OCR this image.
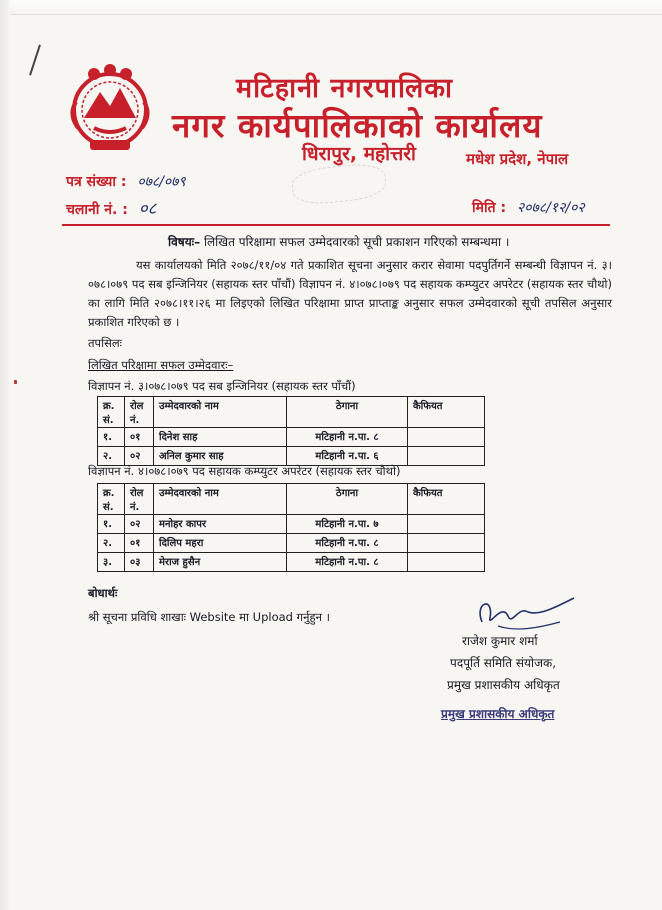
मटिहानी नगरपालिका
नगर कार्यपालिकाको कार्यालय
धिरापुर, महोत्तरी	मधेश प्रदेश, नेपाल
पत्र संख्या : ०७८/०७९
चलानी नं. : ०८	मिति : २०७८/१२/०२
विषयः– लिखित परिक्षामा सफल उम्मेदवारको सूची प्रकाशन गरिएको सम्बन्धमा ।
यस कार्यालयको मिति २०७८/११/०४ गते प्रकाशित सूचना अनुसार करार सेवामा पदपुर्तिगर्ने सम्बन्धी विज्ञापन नं. ३।०७८।०७९ पद सब इन्जिनियर (सहायक स्तर पाँचौं) विज्ञापन नं. ४।०७८।०७९ पद सहायक कम्प्युटर अपरेटर (सहायक स्तर चौथो) का लागि मिति २०७८।११।२६ मा लिइएको लिखित परिक्षामा प्राप्त प्राप्ताङ्क अनुसार सफल उम्मेदवारको सूची तपसिल अनुसार प्रकाशित गरिएको छ ।
तपसिलः
लिखित परिक्षामा सफल उम्मेदवारः–
विज्ञापन नं. ३।०७८।०७९ पद सब इन्जिनियर (सहायक स्तर पाँचौं)
क्र. सं.	रोल नं.	उम्मेदवारको नाम	ठेगाना	कैफियत
१.	०१	दिनेश साह	मटिहानी न.पा. ८	
२.	०२	अनिल कुमार साह	मटिहानी न.पा. ६	
विज्ञापन नं. ४।०७८।०७९ पद सहायक कम्प्युटर अपरेटर (सहायक स्तर चौथो)
क्र. सं.	रोल नं.	उम्मेदवारको नाम	ठेगाना	कैफियत
१.	०२	मनोहर कापर	मटिहानी न.पा. ७	
२.	०१	दिलिप महरा	मटिहानी न.पा. ८	
३.	०३	मेराज हुसैन	मटिहानी न.पा. ८	
बोधार्थः
श्री सूचना प्रविधि शाखाः Website मा Upload गर्नुहुन ।
राजेश कुमार शर्मा
पदपूर्ति समिति संयोजक,
प्रमुख प्रशासकीय अधिकृत
प्रमुख प्रशासकीय अधिकृत
